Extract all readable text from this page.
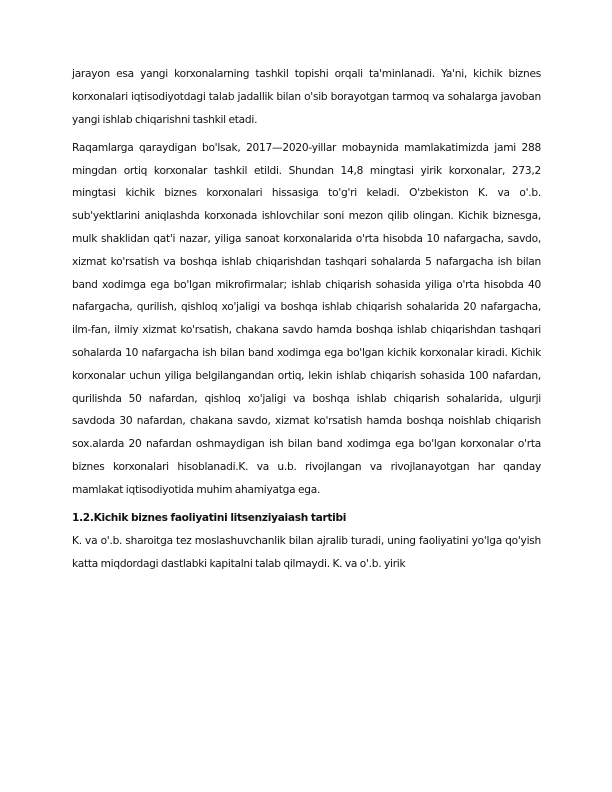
jarayon esa yangi korxonalarning tashkil topishi orqali ta'minlanadi. Ya'ni, kichik biznes korxonalari iqtisodiyotdagi talab jadallik bilan o'sib borayotgan tarmoq va sohalarga javoban yangi ishlab chiqarishni tashkil etadi.

Raqamlarga qaraydigan bo'lsak, 2017—2020-yillar mobaynida mamlakatimizda jami 288 mingdan ortiq korxonalar tashkil etildi. Shundan 14,8 mingtasi yirik korxonalar, 273,2 mingtasi kichik biznes korxonalari hissasiga to'g'ri keladi. O'zbekiston K. va o'.b. sub'yektlarini aniqlashda korxonada ishlovchilar soni mezon qilib olingan. Kichik biznesga, mulk shaklidan qat'i nazar, yiliga sanoat korxonalarida o'rta hisobda 10 nafargacha, savdo, xizmat ko'rsatish va boshqa ishlab chiqarishdan tashqari sohalarda 5 nafargacha ish bilan band xodimga ega bo'lgan mikrofirmalar; ishlab chiqarish sohasida yiliga o'rta hisobda 40 nafargacha, qurilish, qishloq xo'jaligi va boshqa ishlab chiqarish sohalarida 20 nafargacha, ilm-fan, ilmiy xizmat ko'rsatish, chakana savdo hamda boshqa ishlab chiqarishdan tashqari sohalarda 10 nafargacha ish bilan band xodimga ega bo'lgan kichik korxonalar kiradi. Kichik korxonalar uchun yiliga belgilangandan ortiq, lekin ishlab chiqarish sohasida 100 nafardan, qurilishda 50 nafardan, qishloq xo'jaligi va boshqa ishlab chiqarish sohalarida, ulgurji savdoda 30 nafardan, chakana savdo, xizmat ko'rsatish hamda boshqa noishlab chiqarish sox.alarda 20 nafardan oshmaydigan ish bilan band xodimga ega bo'lgan korxonalar o'rta biznes korxonalari hisoblanadi.K. va u.b. rivojlangan va rivojlanayotgan har qanday mamlakat iqtisodiyotida muhim ahamiyatga ega.

1.2.Kichik biznes faoliyatini litsenziyaiash tartibi

K. va o'.b. sharoitga tez moslashuvchanlik bilan ajralib turadi, uning faoliyatini yo'lga qo'yish katta miqdordagi dastlabki kapitalni talab qilmaydi. K. va o'.b. yirik
